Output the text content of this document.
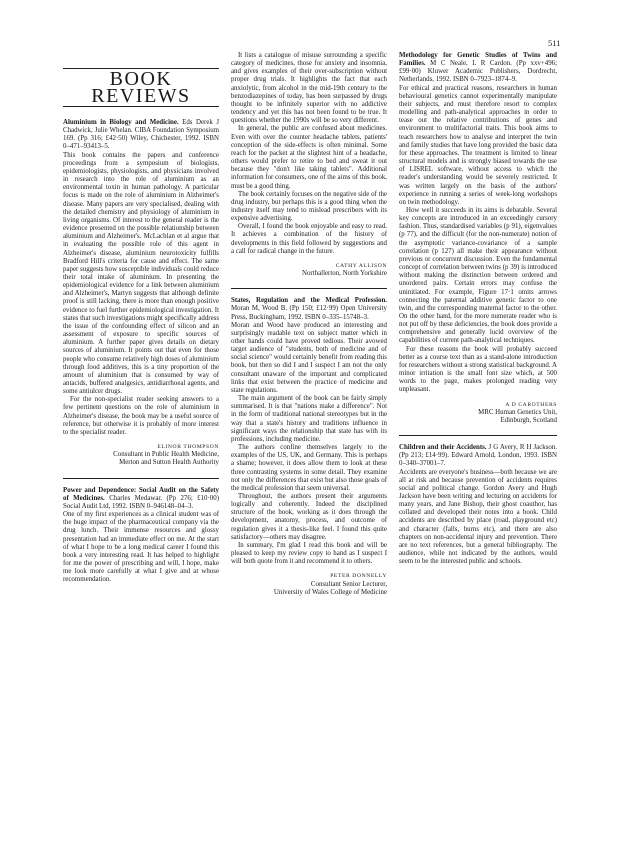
511
BOOK
REVIEWS

Aluminium in Biology and Medicine. Eds Derek J Chadwick, Julie Whelan. CIBA Foundation Symposium 169. (Pp 316; £42·50) Wiley, Chichester, 1992. ISBN 0–471–93413–5.

This book contains the papers and conference proceedings from a symposium of biologists, epidemiologists, physiologists, and physicians involved in research into the role of aluminium as an environmental toxin in human pathology. A particular focus is made on the role of aluminium in Alzheimer's disease. Many papers are very specialised, dealing with the detailed chemistry and physiology of aluminium in living organisms. Of interest to the general reader is the evidence presented on the possible relationship between aluminium and Alzheimer's. McLachlan et al argue that in evaluating the possible role of this agent in Alzheimer's disease, aluminium neurotoxicity fulfills Bradford Hill's criteria for cause and effect. The same paper suggests how susceptible individuals could reduce their total intake of aluminium. In presenting the epidemiological evidence for a link between aluminium and Alzheimer's, Martyn suggests that although definite proof is still lacking, there is more than enough positive evidence to fuel further epidemiological investigation. It states that such investigations might specifically address the issue of the confounding effect of silicon and an assessment of exposure to specific sources of aluminium. A further paper gives details on dietary sources of aluminium. It points out that even for those people who consume relatively high doses of aluminium through food additives, this is a tiny proportion of the amount of aluminium that is consumed by way of antacids, buffered analgesics, antidiarrhoeal agents, and some antiulcer drugs.

For the non-specialist reader seeking answers to a few pertinent questions on the role of aluminium in Alzheimer's disease, the book may be a useful source of reference, but otherwise it is probably of more interest to the specialist reader.

ELINOR THOMPSON
Consultant in Public Health Medicine,
Merton and Sutton Health Authority

Power and Dependence: Social Audit on the Safety of Medicines. Charles Medawar. (Pp 276; £10·00) Social Audit Ltd, 1992. ISBN 0–946148–04–3.

One of my first experiences as a clinical student was of the huge impact of the pharmaceutical company via the drug lunch. Their immense resources and glossy presentation had an immediate effect on me. At the start of what I hope to be a long medical career I found this book a very interesting read. It has helped to highlight for me the power of prescribing and will, I hope, make me look more carefully at what I give and at whose recommendation.

It lists a catalogue of misuse surrounding a specific category of medicines, those for anxiety and insomnia, and gives examples of their over-subscription without proper drug trials. It highlights the fact that each anxiolytic, from alcohol in the mid-19th century to the benzodiazepines of today, has been surpassed by drugs thought to be infinitely superior with no addictive tendency and yet this has not been found to be true. It questions whether the 1990s will be so very different.

In general, the public are confused about medicines. Even with over the counter headache tablets, patients' conception of the side-effects is often minimal. Some reach for the packet at the slightest hint of a headache, others would prefer to retire to bed and sweat it out because they "don't like taking tablets". Additional information for consumers, one of the aims of this book, must be a good thing.

The book certainly focuses on the negative side of the drug industry, but perhaps this is a good thing when the industry itself may tend to mislead prescribers with its expensive advertising.

Overall, I found the book enjoyable and easy to read. It achieves a combination of the history of developments in this field followed by suggestions and a call for radical change in the future.

CATHY ALLISON
Northallerton, North Yorkshire

States, Regulation and the Medical Profession. Moran M, Wood B. (Pp 150; £12·99) Open University Press, Buckingham, 1992. ISBN 0–335–15748–3.

Moran and Wood have produced an interesting and surprisingly readable text on subject matter which in other hands could have proved tedious. Their avowed target audience of "students, both of medicine and of social science" would certainly benefit from reading this book, but then so did I and I suspect I am not the only consultant unaware of the important and complicated links that exist between the practice of medicine and state regulations.

The main argument of the book can be fairly simply summarised. It is that "nations make a difference". Not in the form of traditional national stereotypes but in the way that a state's history and traditions influence in significant ways the relationship that state has with its professions, including medicine.

The authors confine themselves largely to the examples of the US, UK, and Germany. This is perhaps a shame; however, it does allow them to look at these three contrasting systems in some detail. They examine not only the differences that exist but also those goals of the medical profession that seem universal.

Throughout, the authors present their arguments logically and coherently. Indeed the disciplined structure of the book, working as it does through the development, anatomy, process, and outcome of regulation gives it a thesis-like feel. I found this quite satisfactory—others may disagree.

In summary, I'm glad I read this book and will be pleased to keep my review copy to hand as I suspect I will both quote from it and recommend it to others.

PETER DONNELLY
Consultant Senior Lecturer,
University of Wales College of Medicine

Methodology for Genetic Studies of Twins and Families. M C Neale, L R Cardon. (Pp xxv+496; £99·00) Kluwer Academic Publishers, Dordrecht, Netherlands, 1992. ISBN 0–7923–1874–9.

For ethical and practical reasons, researchers in human behavioural genetics cannot experimentally manipulate their subjects, and must therefore resort to complex modelling and path-analytical approaches in order to tease out the relative contributions of genes and environment to multifactorial traits. This book aims to teach researchers how to analyse and interpret the twin and family studies that have long provided the basic data for these approaches. The treatment is limited to linear structural models and is strongly biased towards the use of LISREL software, without access to which the reader's understanding would be severely restricted. It was written largely on the basis of the authors' experience in running a series of week-long workshops on twin methodology.

How well it succeeds in its aims is debatable. Several key concepts are introduced in an exceedingly cursory fashion. Thus, standardised variables (p 91), eigenvalues (p 77), and the difficult (for the non-numerate) notion of the asymptotic variance-covariance of a sample correlation (p 127) all make their appearance without previous or concurrent discussion. Even the fundamental concept of correlation between twins (p 39) is introduced without making the distinction between ordered and unordered pairs. Certain errors may confuse the uninitiated. For example, Figure 17·1 omits arrows connecting the paternal additive genetic factor to one twin, and the corresponding maternal factor to the other. On the other hand, for the more numerate reader who is not put off by these deficiencies, the book does provide a comprehensive and generally lucid overview of the capabilities of current path-analytical techniques.

For these reasons the book will probably succeed better as a course text than as a stand-alone introduction for researchers without a strong statistical background. A minor irritation is the small font size which, at 500 words to the page, makes prolonged reading very unpleasant.

A D CAROTHERS
MRC Human Genetics Unit,
Edinburgh, Scotland

Children and their Accidents. J G Avery, R H Jackson. (Pp 213; £14·99). Edward Arnold, London, 1993. ISBN 0–340–37001–7.

Accidents are everyone's business—both because we are all at risk and because prevention of accidents requires social and political change. Gordon Avery and Hugh Jackson have been writing and lecturing on accidents for many years, and Jane Bishop, their ghost coauthor, has collated and developed their notes into a book. Child accidents are described by place (road, playground etc) and character (falls, burns etc), and there are also chapters on non-accidental injury and prevention. There are no text references, but a general bibliography. The audience, while not indicated by the authors, would seem to be the interested public and schools.
